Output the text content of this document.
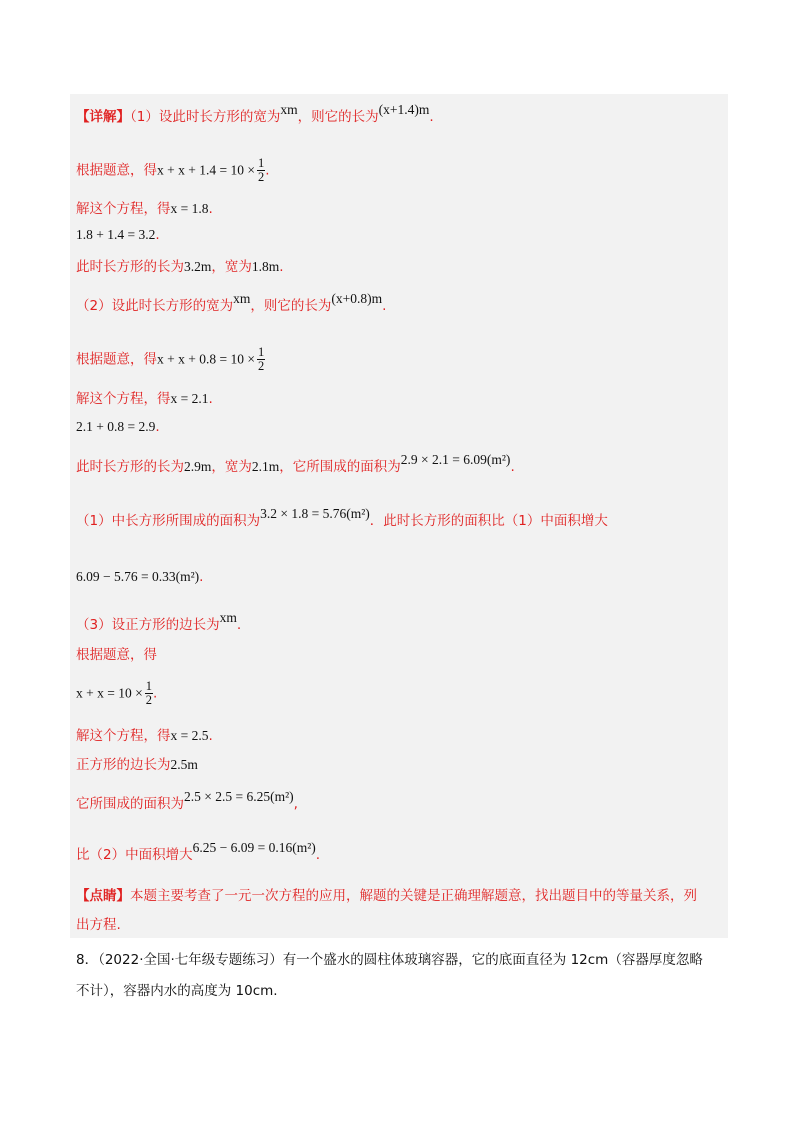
【详解】（1）设此时长方形的宽为xm，则它的长为(x+1.4)m.
根据题意，得$x + x + 1.4 = 10 \times \frac{1}{2}$ .
解这个方程，得x = 1.8.
1.8 + 1.4 = 3.2.
此时长方形的长为3.2m，宽为1.8m.
（2）设此时长方形的宽为xm，则它的长为(x+0.8)m.
根据题意，得$x + x + 0.8 = 10 \times \frac{1}{2}$
解这个方程，得x = 2.1.
2.1 + 0.8 = 2.9.
此时长方形的长为2.9m，宽为2.1m，它所围成的面积为2.9 × 2.1 = 6.09(m²).
（1）中长方形所围成的面积为3.2 × 1.8 = 5.76(m²)．此时长方形的面积比（1）中面积增大
6.09 − 5.76 = 0.33(m²).
（3）设正方形的边长为xm.
根据题意，得
$x + x = 10 \times \frac{1}{2}$ .
解这个方程，得x = 2.5.
正方形的边长为2.5m
它所围成的面积为2.5 × 2.5 = 6.25(m²),
比（2）中面积增大6.25 − 6.09 = 0.16(m²).
【点睛】本题主要考查了一元一次方程的应用，解题的关键是正确理解题意，找出题目中的等量关系，列
出方程.
8．（2022·全国·七年级专题练习）有一个盛水的圆柱体玻璃容器，它的底面直径为 12cm（容器厚度忽略
不计），容器内水的高度为 10cm.
